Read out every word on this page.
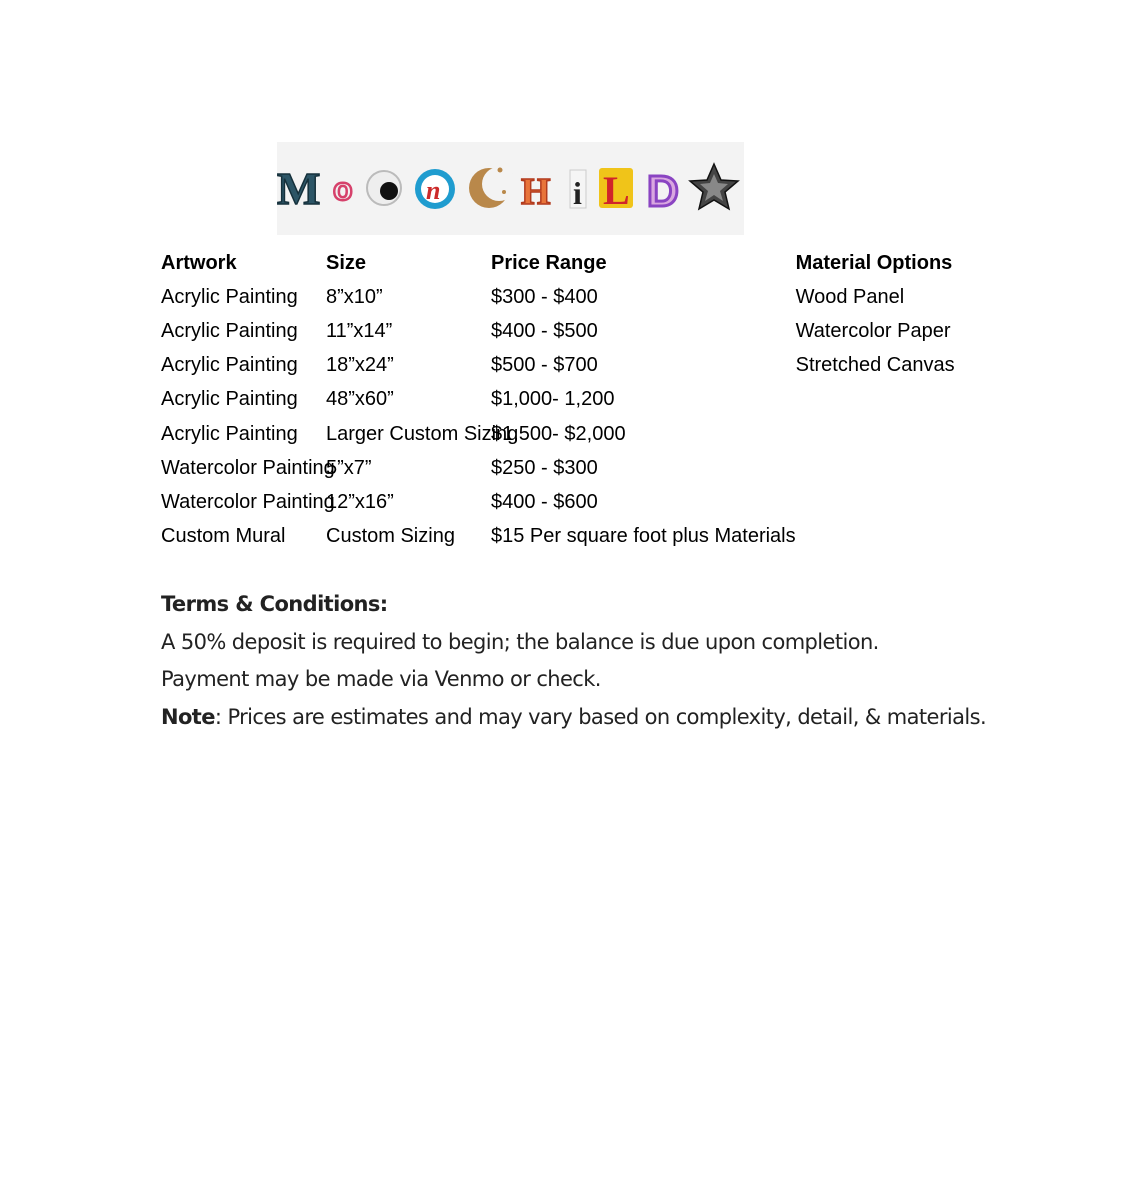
M o	n H i L D
Artwork	Size	Price Range	Material Options
Acrylic Painting	8”x10”	$300 - $400	Wood Panel
Acrylic Painting	11”x14”	$400 - $500	Watercolor Paper
Acrylic Painting	18”x24”	$500 - $700	Stretched Canvas
Acrylic Painting	48”x60”	$1,000- 1,200	
Acrylic Painting	Larger Custom Sizing	$1,500- $2,000	

Watercolor Painting	5”x7”	$250 - $300	

Watercolor Painting	12”x16”	$400 - $600	
Custom Mural	Custom Sizing	$15 Per square foot plus Materials	
Terms & Conditions:
A 50% deposit is required to begin; the balance is due upon completion.
Payment may be made via Venmo or check.
Note: Prices are estimates and may vary based on complexity, detail, & materials.
